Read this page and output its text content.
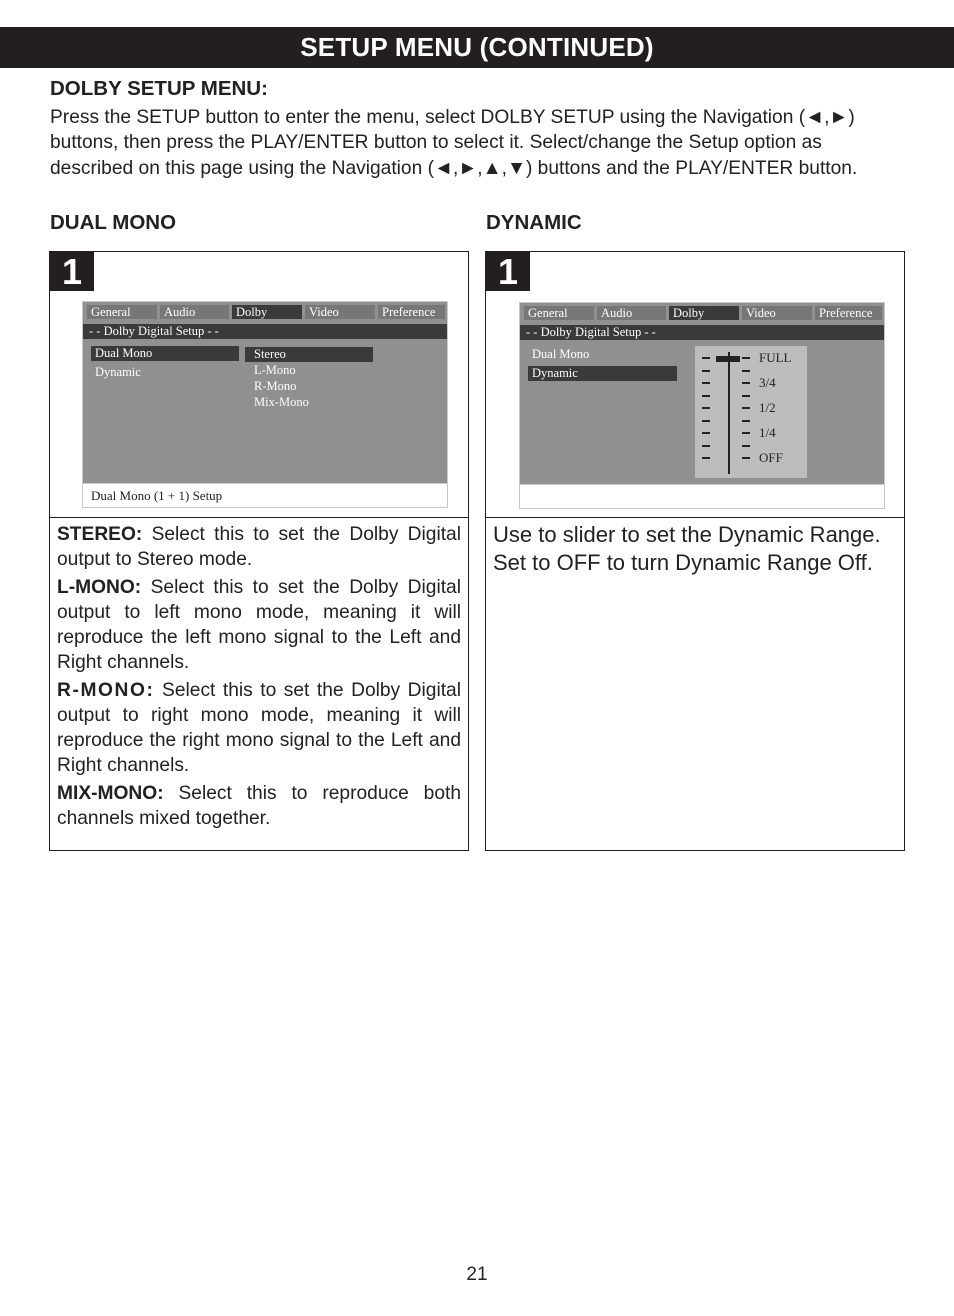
SETUP MENU (CONTINUED)
DOLBY SETUP MENU:
Press the SETUP button to enter the menu, select DOLBY SETUP using the Navigation (◄,►)
buttons, then press the PLAY/ENTER button to select it. Select/change the Setup option as
described on this page using the Navigation (◄,►,▲,▼) buttons and the PLAY/ENTER button.
DUAL MONO
1
General	Audio	Dolby	Video	Preference
- - Dolby Digital Setup - -
Dual Mono
Dynamic
Stereo
L-Mono
R-Mono
Mix-Mono
Dual Mono (1 + 1) Setup

STEREO: Select this to set the Dolby Digital output to Stereo mode.

L-MONO: Select this to set the Dolby Digital output to left mono mode, meaning it will reproduce the left mono signal to the Left and Right channels.

R-MONO: Select this to set the Dolby Digital output to right mono mode, meaning it will reproduce the right mono signal to the Left and Right channels.

MIX-MONO: Select this to reproduce both channels mixed together.

DYNAMIC
1
General	Audio	Dolby	Video	Preference
- - Dolby Digital Setup - -
Dual Mono
Dynamic
FULL
3/4
1/2
1/4
OFF
Use to slider to set the Dynamic Range.
Set to OFF to turn Dynamic Range Off.
21
